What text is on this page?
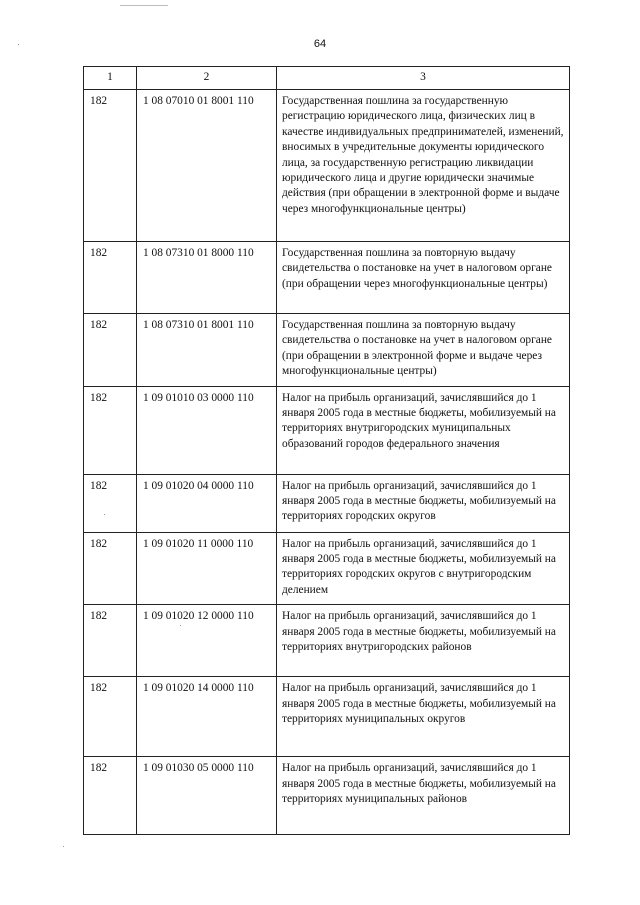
64
1	2	3
182	1 08 07010 01 8001 110	Государственная пошлина за государственную регистрацию юридического лица, физических лиц в качестве индивидуальных предпринимателей, изменений, вносимых в учредительные документы юридического лица, за государственную регистрацию ликвидации юридического лица и другие юридически значимые действия (при обращении в электронной форме и выдаче через многофункциональные центры)
182	1 08 07310 01 8000 110	Государственная пошлина за повторную выдачу свидетельства о постановке на учет в налоговом органе (при обращении через многофункциональные центры)
182	1 08 07310 01 8001 110	Государственная пошлина за повторную выдачу свидетельства о постановке на учет в налоговом органе (при обращении в электронной форме и выдаче через многофункциональные центры)
182	1 09 01010 03 0000 110	Налог на прибыль организаций, зачислявшийся до 1 января 2005 года в местные бюджеты, мобилизуемый на территориях внутригородских муниципальных образований городов федерального значения
182	1 09 01020 04 0000 110	Налог на прибыль организаций, зачислявшийся до 1 января 2005 года в местные бюджеты, мобилизуемый на территориях городских округов
182	1 09 01020 11 0000 110	Налог на прибыль организаций, зачислявшийся до 1 января 2005 года в местные бюджеты, мобилизуемый на территориях городских округов с внутригородским делением
182	1 09 01020 12 0000 110	Налог на прибыль организаций, зачислявшийся до 1 января 2005 года в местные бюджеты, мобилизуемый на территориях внутригородских районов
182	1 09 01020 14 0000 110	Налог на прибыль организаций, зачислявшийся до 1 января 2005 года в местные бюджеты, мобилизуемый на территориях муниципальных округов
182	1 09 01030 05 0000 110	Налог на прибыль организаций, зачислявшийся до 1 января 2005 года в местные бюджеты, мобилизуемый на территориях муниципальных районов
